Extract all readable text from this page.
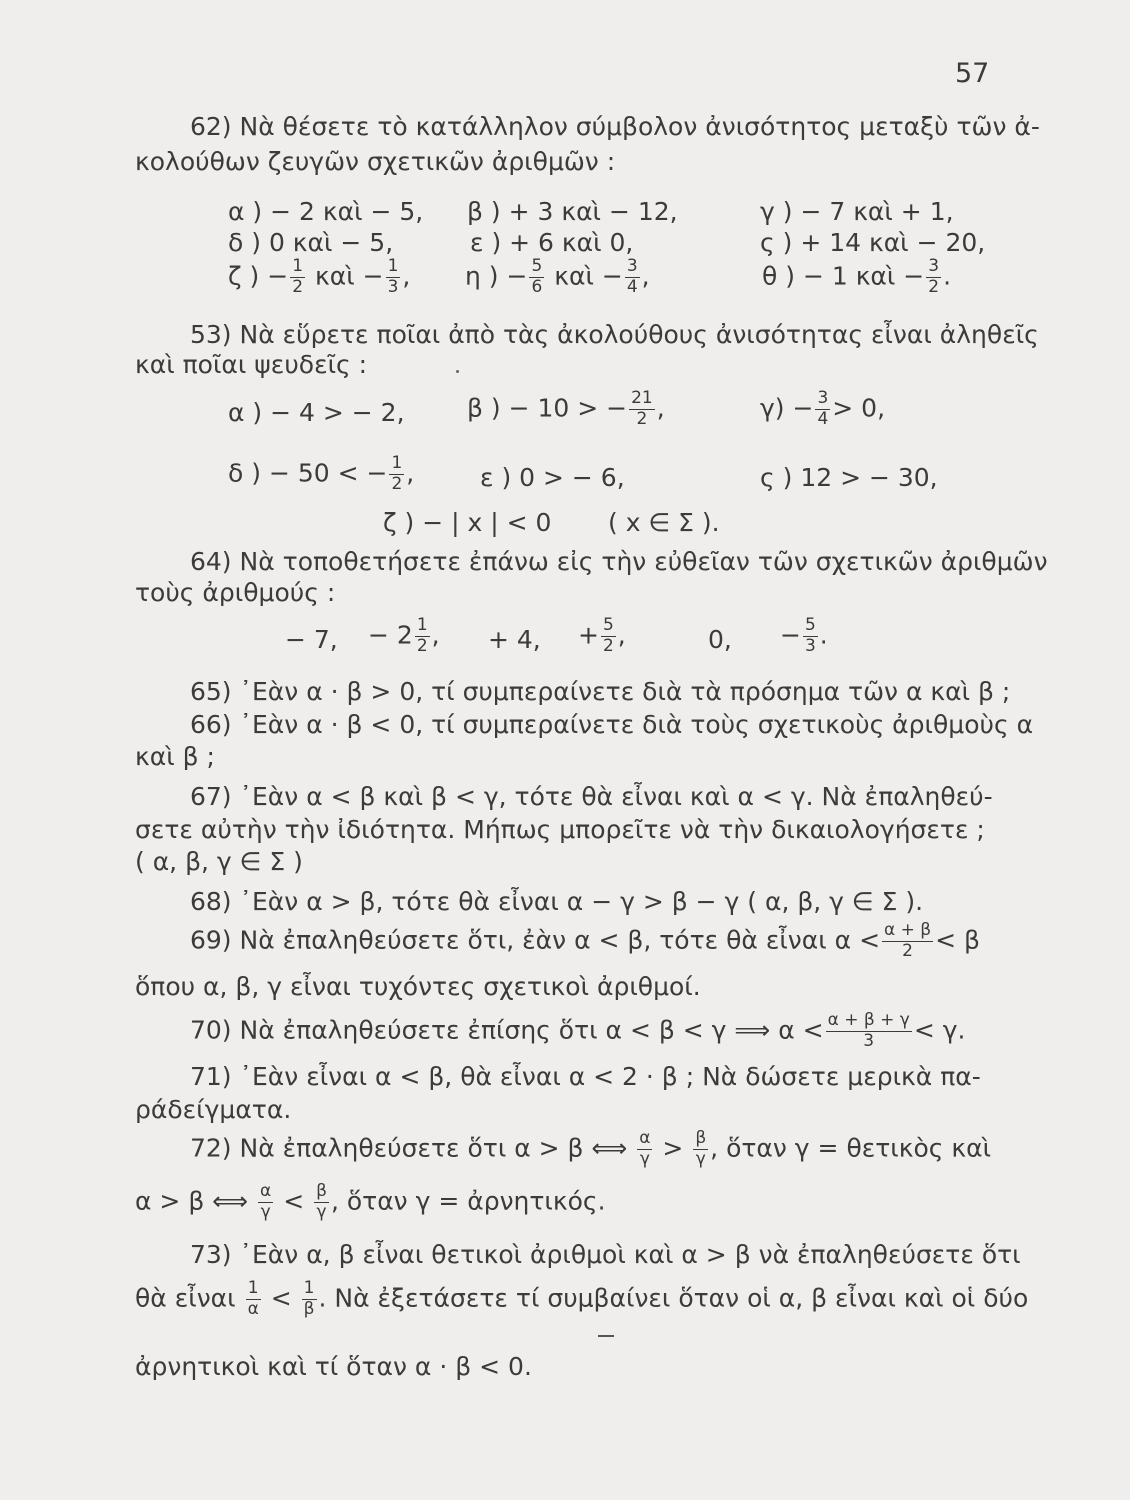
57
62) Νὰ θέσετε τὸ κατάλληλον σύμβολον ἀνισότητος μεταξὺ τῶν ἀ-
κολούθων ζευγῶν σχετικῶν ἀριθμῶν :
α ) − 2 καὶ − 5, β ) + 3 καὶ − 12,	γ ) − 7 καὶ + 1,
δ ) 0 καὶ − 5,	ε ) + 6 καὶ 0,	ς ) + 14 καὶ − 20,
ζ ) − $\frac{1}{2}$ καὶ − $\frac{1}{3}$ , η ) − $\frac{5}{6}$ καὶ − $\frac{3}{4}$ ,	θ ) − 1 καὶ − $\frac{3}{2}$ .
53) Νὰ εὕρετε ποῖαι ἀπὸ τὰς ἀκολούθους ἀνισότητας εἶναι ἀληθεῖς
καὶ ποῖαι ψευδεῖς :
α ) − 4 > − 2, β ) − 10 > − $\frac{21}{2}$ ,	$\gamma) - \frac{3}{4} > 0$,
δ ) − 50 < − $\frac{1}{2}$ ,	ε ) 0 > − 6,	ς ) 12 > − 30,
ζ ) − | x | < 0 ( x ∈ Σ ).
64) Νὰ τοποθετήσετε ἐπάνω εἰς τὴν εὐθεῖαν τῶν σχετικῶν ἀριθμῶν
τοὺς ἀριθμούς :
− 7, − $2 \frac{1}{2}$ , + 4, + $\frac{5}{2}$ ,	0, − $\frac{5}{3}$ .
65) ᾿Εὰν α · β > 0, τί συμπεραίνετε διὰ τὰ πρόσημα τῶν α καὶ β ;
66) ᾿Εὰν α · β < 0, τί συμπεραίνετε διὰ τοὺς σχετικοὺς ἀριθμοὺς α
καὶ β ;
67) ᾿Εὰν α < β καὶ β < γ, τότε θὰ εἶναι καὶ α < γ. Νὰ ἐπαληθεύ-
σετε αὐτὴν τὴν ἰδιότητα. Μήπως μπορεῖτε νὰ τὴν δικαιολογήσετε ;
( α, β, γ ∈ Σ )
68) ᾿Εὰν α > β, τότε θὰ εἶναι α − γ > β − γ ( α, β, γ ∈ Σ ).
69) Νὰ ἐπαληθεύσετε ὅτι, ἐὰν α < β, τότε θὰ εἶναι $\alpha < \frac{\alpha + \beta}{2} < \beta$
ὅπου α, β, γ εἶναι τυχόντες σχετικοὶ ἀριθμοί.
70) Νὰ ἐπαληθεύσετε ἐπίσης ὅτι α < β < γ ⟹ $\alpha < \frac{\alpha + \beta + \gamma}{3} < \gamma$.
71) ᾿Εὰν εἶναι α < β, θὰ εἶναι α < 2 · β ; Νὰ δώσετε μερικὰ πα-
ράδείγματα.
72) Νὰ ἐπαληθεύσετε ὅτι α > β ⟺ $\frac{\alpha}{\gamma} > \frac{\beta}{\gamma}$ , ὅταν γ = θετικὸς καὶ
α > β ⟺ $\frac{\alpha}{\gamma} < \frac{\beta}{\gamma}$ , ὅταν γ = ἀρνητικός.
73) ᾿Εὰν α, β εἶναι θετικοὶ ἀριθμοὶ καὶ α > β νὰ ἐπαληθεύσετε ὅτι
θὰ εἶναι $\frac{1}{\alpha} < \frac{1}{\beta}$ . Νὰ ἐξετάσετε τί συμβαίνει ὅταν οἱ α, β εἶναι καὶ οἱ δύο
ἀρνητικοὶ καὶ τί ὅταν α · β < 0.
